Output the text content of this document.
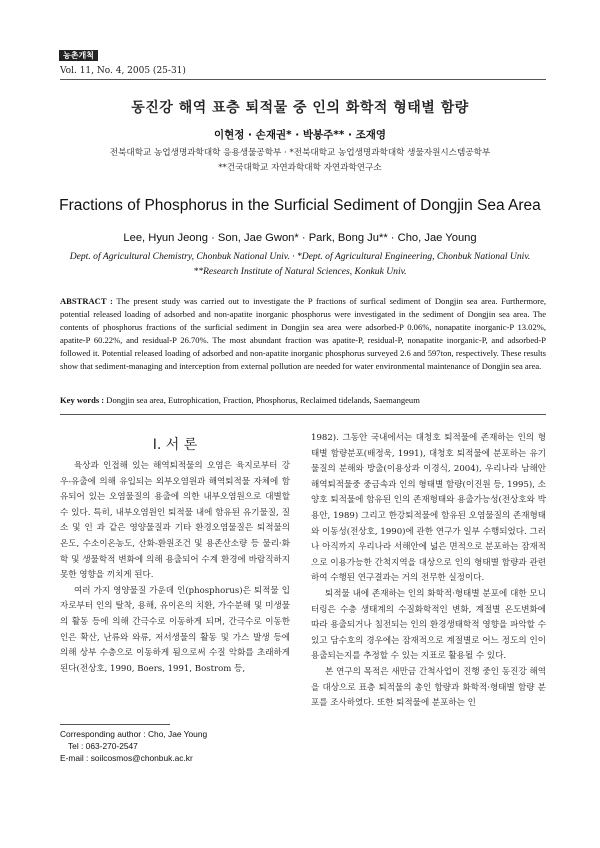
농촌개척
Vol. 11, No. 4, 2005 (25-31)
동진강 해역 표층 퇴적물 중 인의 화학적 형태별 함량
이현정 · 손재권* · 박봉주** · 조재영
전북대학교 농업생명과학대학 응용생물공학부 · *전북대학교 농업생명과학대학 생물자원시스템공학부
**건국대학교 자연과학대학 자연과학연구소
Fractions of Phosphorus in the Surficial Sediment of Dongjin Sea Area
Lee, Hyun Jeong · Son, Jae Gwon* · Park, Bong Ju** · Cho, Jae Young
Dept. of Agricultural Chemistry, Chonbuk National Univ. · *Dept. of Agricultural Engineering, Chonbuk National Univ.
**Research Institute of Natural Sciences, Konkuk Univ.
ABSTRACT : The present study was carried out to investigate the P fractions of surfical sediment of Dongjin sea area. Furthermore, potential released loading of adsorbed and non-apatite inorganic phosphorus were investigated in the sediment of Dongjin sea area. The contents of phosphorus fractions of the surficial sediment in Dongjin sea area were adsorbed-P 0.06%, nonapatite inorganic-P 13.02%, apatite-P 60.22%, and residual-P 26.70%. The most abundant fraction was apatite-P, residual-P, nonapatite inorganic-P, and adsorbed-P followed it. Potential released loading of adsorbed and non-apatite inorganic phosphorus surveyed 2.6 and 597ton, respectively. These results show that sediment-managing and interception from external pollution are needed for water environmental maintenance of Dongjin sea area.
Key words : Dongjin sea area, Eutrophication, Fraction, Phosphorus, Reclaimed tidelands, Saemangeum
Ⅰ. 서 론

육상과 인접해 있는 해역퇴적물의 오염은 육지로부터 강우-유출에 의해 유입되는 외부오염원과 해역퇴적물 자체에 함유되어 있는 오염물질의 용출에 의한 내부오염원으로 대별할 수 있다. 특히, 내부오염원인 퇴적물 내에 함유된 유기물질, 질소 및 인 과 같은 영양물질과 기타 환경오염물질은 퇴적물의 온도, 수소이온농도, 산화-환원조건 및 용존산소량 등 물리·화학 및 생물학적 변화에 의해 용출되어 수계 환경에 바람직하지 못한 영향을 끼치게 된다.

여러 가지 영양물질 가운데 인(phosphorus)은 퇴적물 입자로부터 인의 탈착, 용해, 유이온의 치환, 가수분해 및 미생물의 활동 등에 의해 간극수로 이동하게 되며, 간극수로 이동한 인은 확산, 난류와 와류, 저서생물의 활동 및 가스 발생 등에 의해 상부 수층으로 이동하게 됨으로써 수질 악화를 초래하게 된다(전상호, 1990, Boers, 1991, Bostrom 등,

Corresponding author : Cho, Jae Young
Tel : 063-270-2547
E-mail : soilcosmos@chonbuk.ac.kr

1982). 그동안 국내에서는 대청호 퇴적물에 존재하는 인의 형태별 함량분포(배정욱, 1991), 대청호 퇴적물에 분포하는 유기물질의 분해와 방출(이용상과 이경식, 2004), 우리나라 남해안 해역퇴적물중 중금속과 인의 형태별 함량(이진원 등, 1995), 소양호 퇴적물에 함유된 인의 존재형태와 용출가능성(전상호와 박용안, 1989) 그리고 한강퇴적물에 함유된 오염물질의 존재형태와 이동성(전상호, 1990)에 관한 연구가 일부 수행되었다. 그러나 아직까지 우리나라 서해안에 넓은 면적으로 분포하는 잠재적으로 이용가능한 간척지역을 대상으로 인의 형태별 함량과 관련하여 수행된 연구결과는 거의 전무한 실정이다.

퇴적물 내에 존재하는 인의 화학적·형태별 분포에 대한 모니터링은 수층 생태계의 수질화학적인 변화, 계절별 온도변화에 따라 용출되거나 침전되는 인의 환경생태학적 영향을 파악할 수 있고 담수호의 경우에는 잠재적으로 계절별로 어느 정도의 인이 용출되는지를 추정할 수 있는 지표로 활용될 수 있다.

본 연구의 목적은 새만금 간척사업이 진행 중인 동진강 해역을 대상으로 표층 퇴적물의 총인 함량과 화학적·형태별 함량 분포를 조사하였다. 또한 퇴적물에 분포하는 인
